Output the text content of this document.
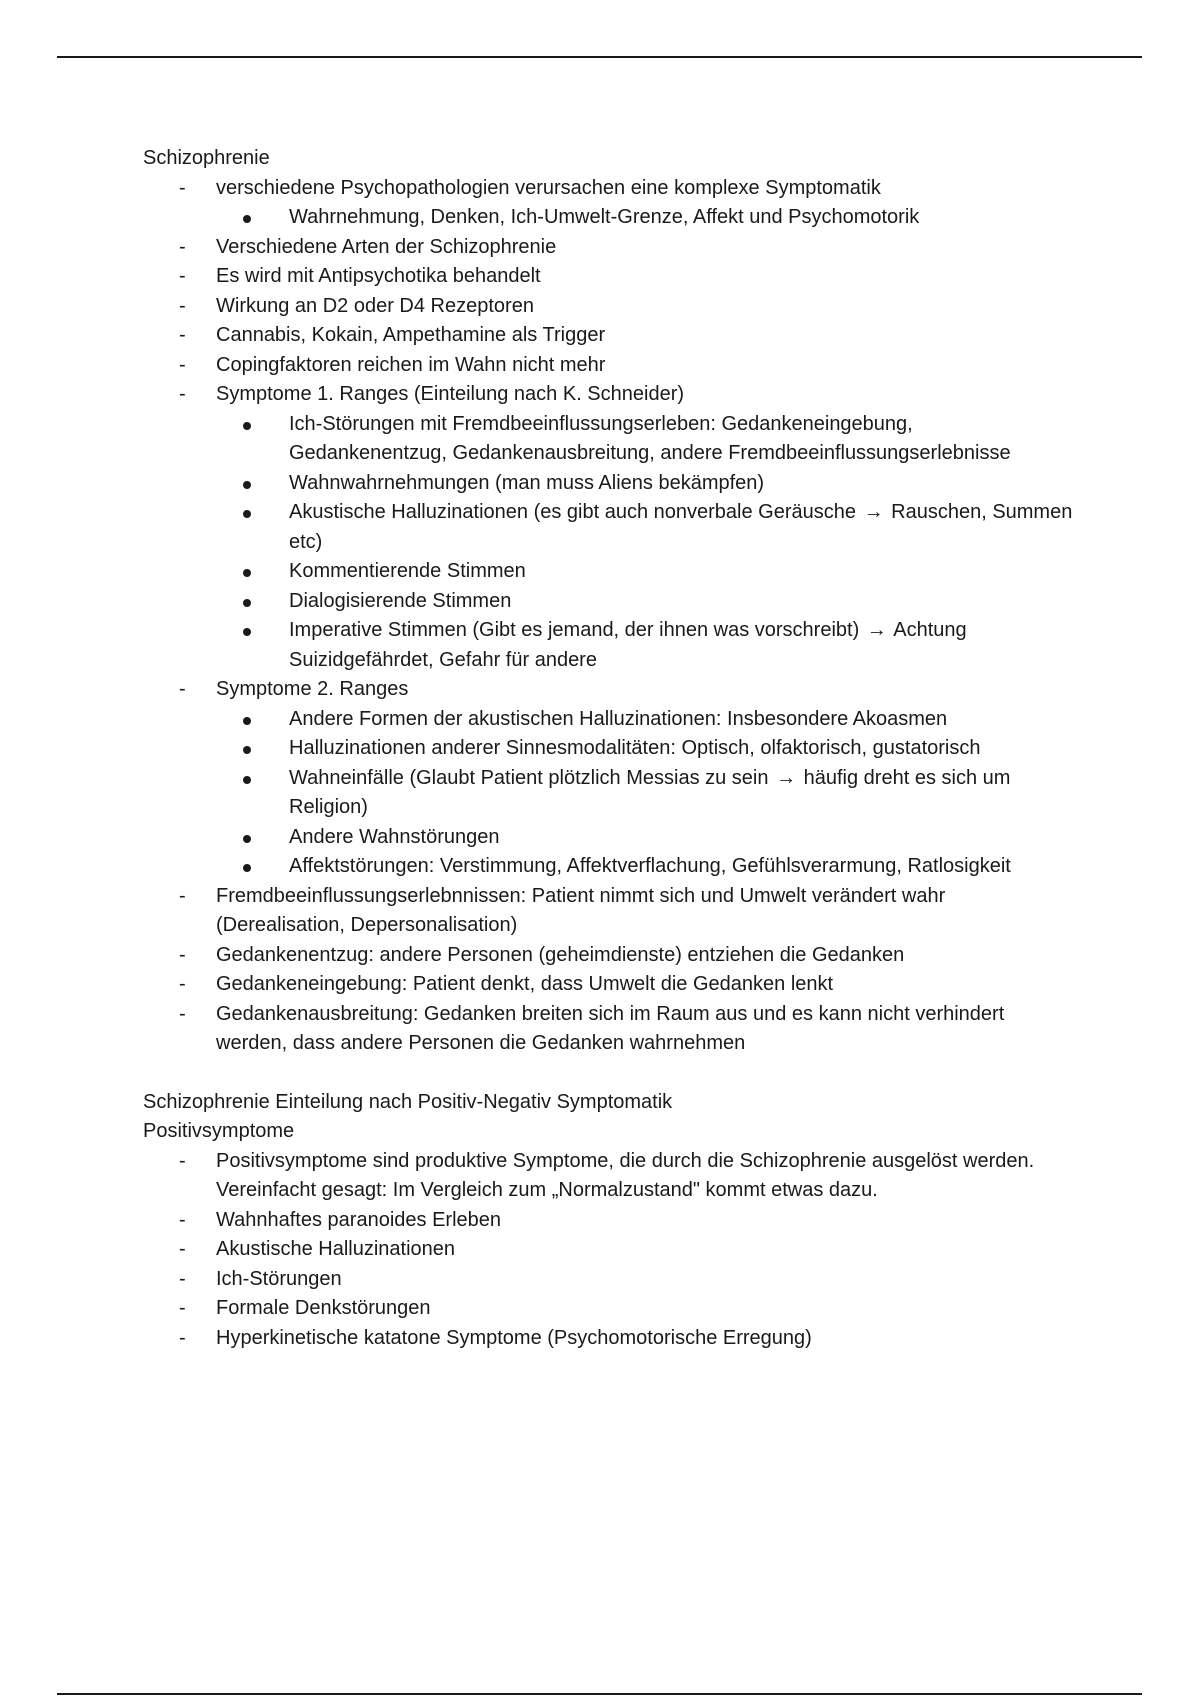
Schizophrenie

- verschiedene Psychopathologien verursachen eine komplexe Symptomatik
Wahrnehmung, Denken, Ich-Umwelt-Grenze, Affekt und Psychomotorik
- Verschiedene Arten der Schizophrenie
- Es wird mit Antipsychotika behandelt
- Wirkung an D2 oder D4 Rezeptoren
- Cannabis, Kokain, Ampethamine als Trigger
- Copingfaktoren reichen im Wahn nicht mehr
- Symptome 1. Ranges (Einteilung nach K. Schneider)
Ich-Störungen mit Fremdbeeinflussungserleben: Gedankeneingebung, Gedankenentzug, Gedankenausbreitung, andere Fremdbeeinflussungserlebnisse
Wahnwahrnehmungen (man muss Aliens bekämpfen)
Akustische Halluzinationen (es gibt auch nonverbale Geräusche → Rauschen, Summen etc)
Kommentierende Stimmen
Dialogisierende Stimmen
Imperative Stimmen (Gibt es jemand, der ihnen was vorschreibt) → Achtung Suizidgefährdet, Gefahr für andere
- Symptome 2. Ranges
Andere Formen der akustischen Halluzinationen: Insbesondere Akoasmen
Halluzinationen anderer Sinnesmodalitäten: Optisch, olfaktorisch, gustatorisch
Wahneinfälle (Glaubt Patient plötzlich Messias zu sein → häufig dreht es sich um Religion)
Andere Wahnstörungen
Affektstörungen: Verstimmung, Affektverflachung, Gefühlsverarmung, Ratlosigkeit
- Fremdbeeinflussungserlebnnissen: Patient nimmt sich und Umwelt verändert wahr (Derealisation, Depersonalisation)
- Gedankenentzug: andere Personen (geheimdienste) entziehen die Gedanken
- Gedankeneingebung: Patient denkt, dass Umwelt die Gedanken lenkt
- Gedankenausbreitung: Gedanken breiten sich im Raum aus und es kann nicht verhindert werden, dass andere Personen die Gedanken wahrnehmen

Schizophrenie Einteilung nach Positiv-Negativ Symptomatik

Positivsymptome

- Positivsymptome sind produktive Symptome, die durch die Schizophrenie ausgelöst werden. Vereinfacht gesagt: Im Vergleich zum „Normalzustand" kommt etwas dazu.
- Wahnhaftes paranoides Erleben
- Akustische Halluzinationen
- Ich-Störungen
- Formale Denkstörungen
- Hyperkinetische katatone Symptome (Psychomotorische Erregung)
